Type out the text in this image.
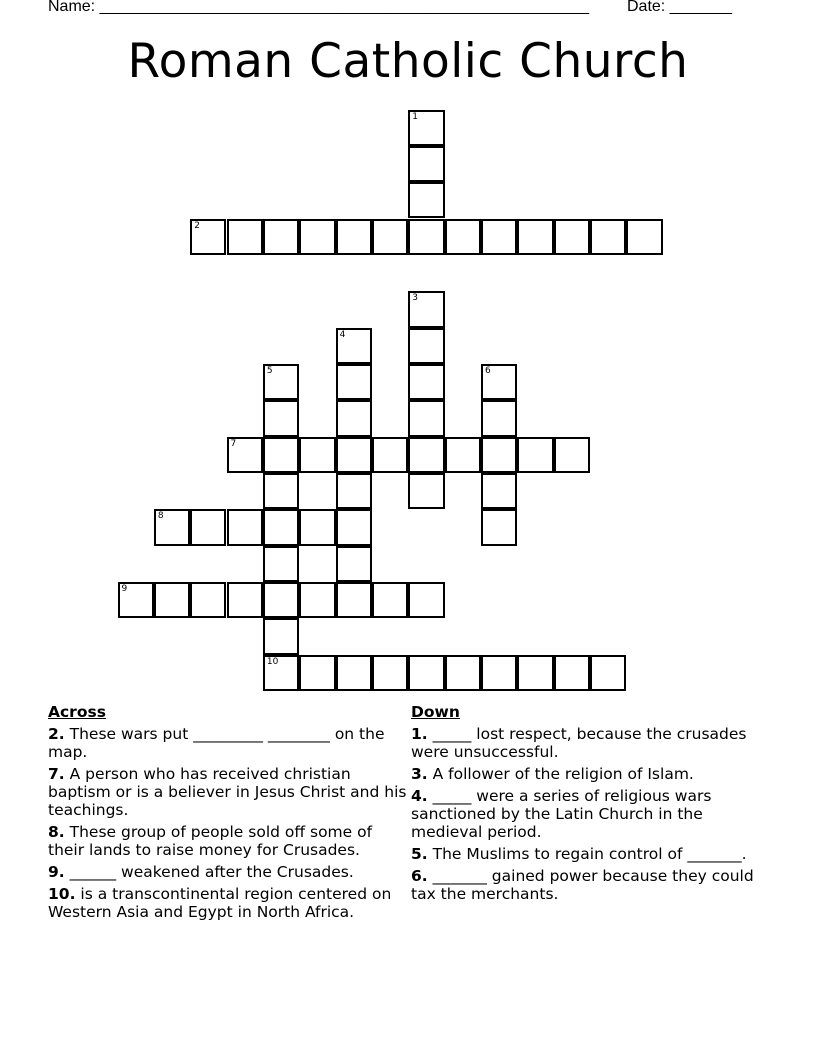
Name: _______________________________________________________ Date: _______
Roman Catholic Church
1
2
3
4
5
10
6
7
8
9
Across
2. These wars put _________ ________ on the map.
7. A person who has received christian baptism or is a believer in Jesus Christ and his teachings.
8. These group of people sold off some of their lands to raise money for Crusades.
9. ______ weakened after the Crusades.
10. is a transcontinental region centered on Western Asia and Egypt in North Africa.
Down
1. _____ lost respect, because the crusades were unsuccessful.
3. A follower of the religion of Islam.
4. _____ were a series of religious wars sanctioned by the Latin Church in the medieval period.
5. The Muslims to regain control of _______.
6. _______ gained power because they could tax the merchants.
